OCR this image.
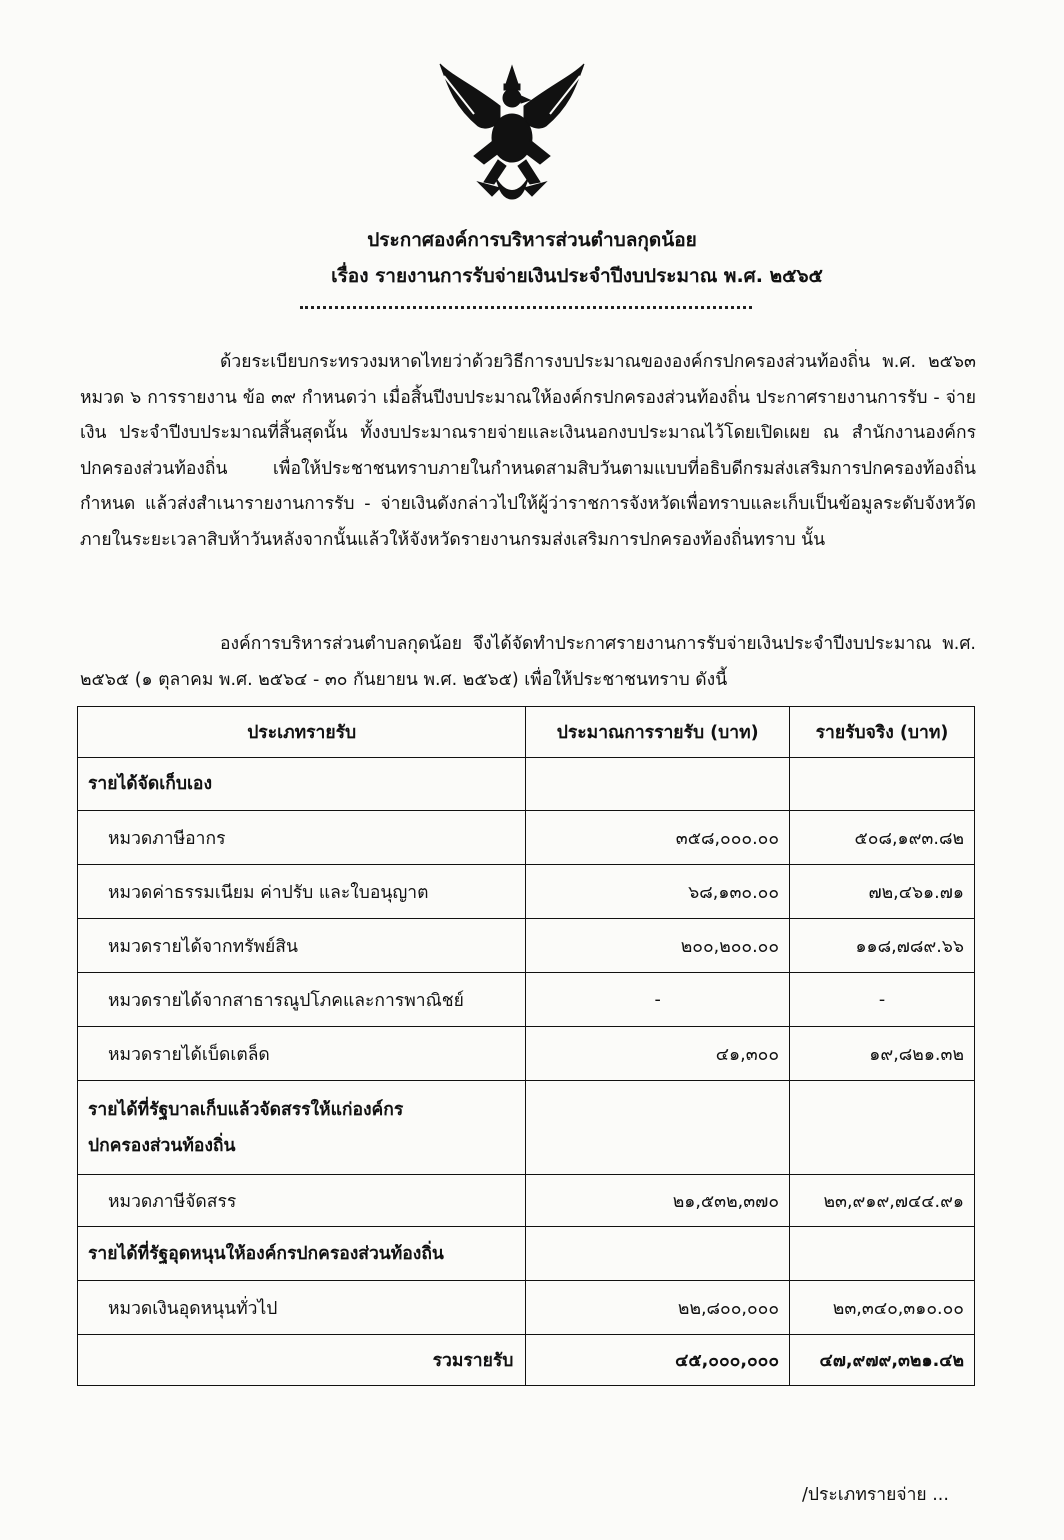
ประกาศองค์การบริหารส่วนตำบลกุดน้อย
เรื่อง รายงานการรับจ่ายเงินประจำปีงบประมาณ พ.ศ. ๒๕๖๕

ด้วยระเบียบกระทรวงมหาดไทยว่าด้วยวิธีการงบประมาณขององค์กรปกครองส่วนท้องถิ่น พ.ศ. ๒๕๖๓ หมวด ๖ การรายงาน ข้อ ๓๙ กำหนดว่า เมื่อสิ้นปีงบประมาณให้องค์กรปกครองส่วนท้องถิ่น ประกาศรายงานการรับ - จ่ายเงิน ประจำปีงบประมาณที่สิ้นสุดนั้น ทั้งงบประมาณรายจ่ายและเงินนอกงบประมาณไว้โดยเปิดเผย ณ สำนักงานองค์กรปกครองส่วนท้องถิ่น เพื่อให้ประชาชนทราบภายในกำหนดสามสิบวันตามแบบที่อธิบดีกรมส่งเสริมการปกครองท้องถิ่นกำหนด แล้วส่งสำเนารายงานการรับ - จ่ายเงินดังกล่าวไปให้ผู้ว่าราชการจังหวัดเพื่อทราบและเก็บเป็นข้อมูลระดับจังหวัดภายในระยะเวลาสิบห้าวันหลังจากนั้นแล้วให้จังหวัดรายงานกรมส่งเสริมการปกครองท้องถิ่นทราบ นั้น

องค์การบริหารส่วนตำบลกุดน้อย จึงได้จัดทำประกาศรายงานการรับจ่ายเงินประจำปีงบประมาณ พ.ศ. ๒๕๖๕ (๑ ตุลาคม พ.ศ. ๒๕๖๔ - ๓๐ กันยายน พ.ศ. ๒๕๖๕) เพื่อให้ประชาชนทราบ ดังนี้

ประเภทรายรับ	ประมาณการรายรับ (บาท)	รายรับจริง (บาท)
รายได้จัดเก็บเอง		
หมวดภาษีอากร	๓๕๘,๐๐๐.๐๐	๕๐๘,๑๙๓.๘๒
หมวดค่าธรรมเนียม ค่าปรับ และใบอนุญาต	๖๘,๑๓๐.๐๐	๗๒,๔๖๑.๗๑
หมวดรายได้จากทรัพย์สิน	๒๐๐,๒๐๐.๐๐	๑๑๘,๗๘๙.๖๖
หมวดรายได้จากสาธารณูปโภคและการพาณิชย์	-	-
หมวดรายได้เบ็ดเตล็ด	๔๑,๓๐๐	๑๙,๘๒๑.๓๒

รายได้ที่รัฐบาลเก็บแล้วจัดสรรให้แก่องค์กร
ปกครองส่วนท้องถิ่น		

หมวดภาษีจัดสรร	๒๑,๕๓๒,๓๗๐	๒๓,๙๑๙,๗๔๔.๙๑
รายได้ที่รัฐอุดหนุนให้องค์กรปกครองส่วนท้องถิ่น		
หมวดเงินอุดหนุนทั่วไป	๒๒,๘๐๐,๐๐๐	๒๓,๓๔๐,๓๑๐.๐๐
รวมรายรับ	๔๕,๐๐๐,๐๐๐	๔๗,๙๗๙,๓๒๑.๔๒
/ประเภทรายจ่าย ...
